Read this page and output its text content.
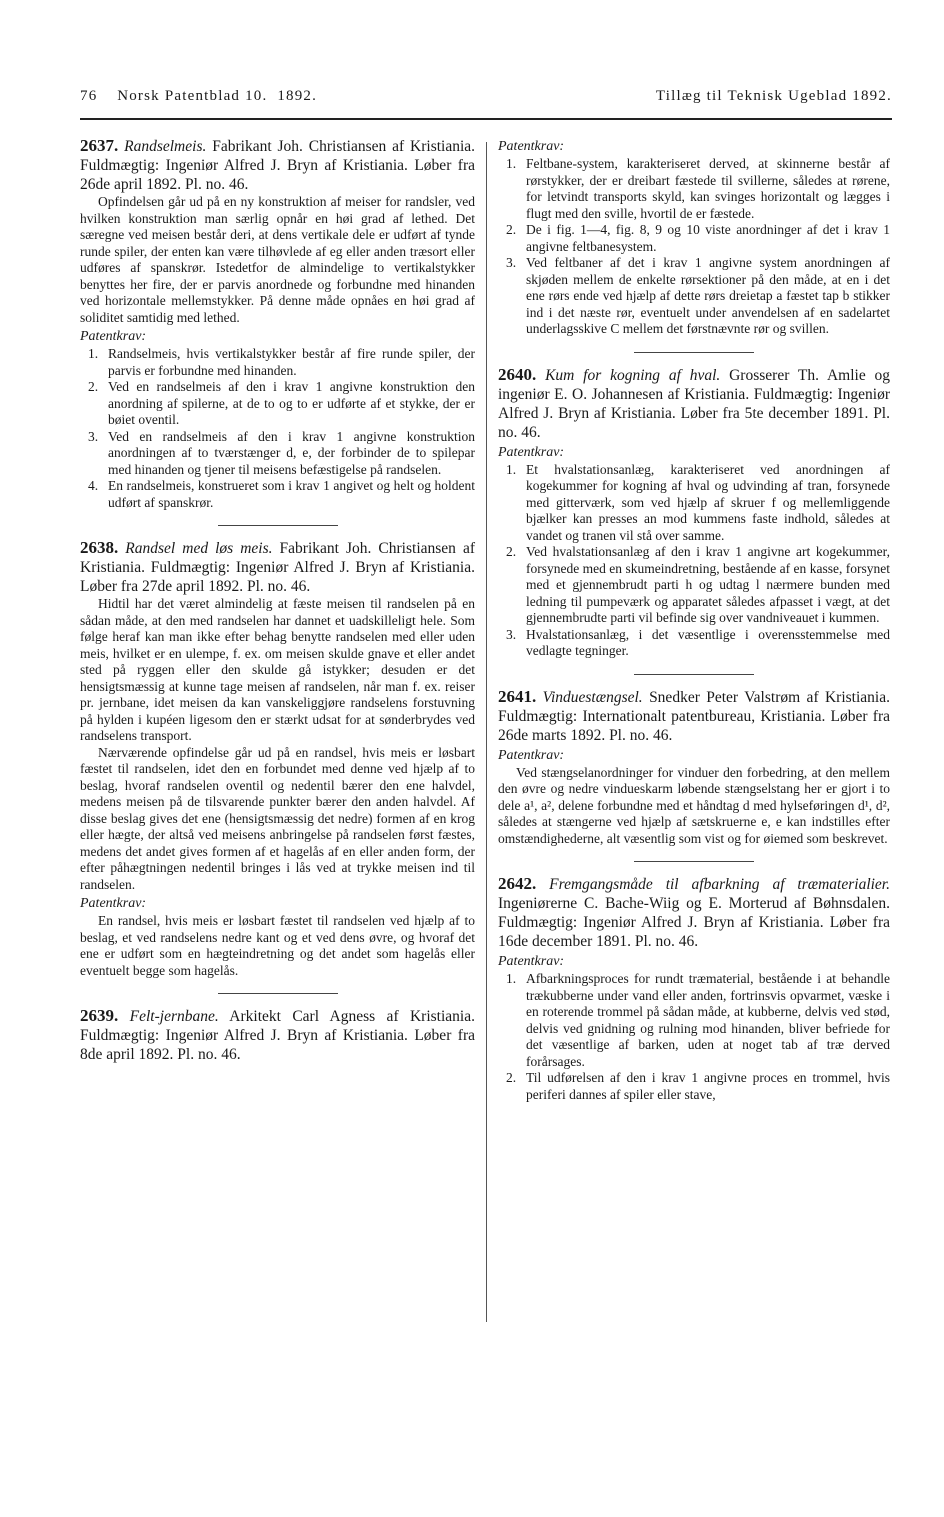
76    Norsk Patentblad 10.  1892.	Tillæg til Teknisk Ugeblad 1892.

2637. Randselmeis. Fabrikant Joh. Christiansen af Kristiania. Fuldmægtig: Ingeniør Alfred J. Bryn af Kristiania. Løber fra 26de april 1892. Pl. no. 46.

Opfindelsen går ud på en ny konstruktion af meiser for randsler, ved hvilken konstruktion man særlig opnår en høi grad af lethed. Det særegne ved meisen består deri, at dens vertikale dele er udført af tynde runde spiler, der enten kan være tilhøvlede af eg eller anden træsort eller udføres af spanskrør. Istedetfor de almindelige to vertikalstykker benyttes her fire, der er parvis anordnede og forbundne med hinanden ved horizontale mellemstykker. På denne måde opnåes en høi grad af soliditet samtidig med lethed.

Patentkrav:
1. Randselmeis, hvis vertikalstykker består af fire runde spiler, der parvis er forbundne med hinanden.
2. Ved en randselmeis af den i krav 1 angivne konstruktion den anordning af spilerne, at de to og to er udførte af et stykke, der er bøiet oventil.
3. Ved en randselmeis af den i krav 1 angivne konstruktion anordningen af to tværstænger d, e, der forbinder de to spilepar med hinanden og tjener til meisens befæstigelse på randselen.
4. En randselmeis, konstrueret som i krav 1 angivet og helt og holdent udført af spanskrør.

2638. Randsel med løs meis. Fabrikant Joh. Christiansen af Kristiania. Fuldmægtig: Ingeniør Alfred J. Bryn af Kristiania. Løber fra 27de april 1892. Pl. no. 46.

Hidtil har det været almindelig at fæste meisen til randselen på en sådan måde, at den med randselen har dannet et uadskilleligt hele. Som følge heraf kan man ikke efter behag benytte randselen med eller uden meis, hvilket er en ulempe, f. ex. om meisen skulde gnave et eller andet sted på ryggen eller den skulde gå istykker; desuden er det hensigtsmæssig at kunne tage meisen af randselen, når man f. ex. reiser pr. jernbane, idet meisen da kan vanskeliggjøre randselens forstuvning på hylden i kupéen ligesom den er stærkt udsat for at sønderbrydes ved randselens transport.

Nærværende opfindelse går ud på en randsel, hvis meis er løsbart fæstet til randselen, idet den en forbundet med denne ved hjælp af to beslag, hvoraf randselen oventil og nedentil bærer den ene halvdel, medens meisen på de tilsvarende punkter bærer den anden halvdel. Af disse beslag gives det ene (hensigtsmæssig det nedre) formen af en krog eller hægte, der altså ved meisens anbringelse på randselen først fæstes, medens det andet gives formen af et hagelås af en eller anden form, der efter påhægtningen nedentil bringes i lås ved at trykke meisen ind til randselen.

Patentkrav:

En randsel, hvis meis er løsbart fæstet til randselen ved hjælp af to beslag, et ved randselens nedre kant og et ved dens øvre, og hvoraf det ene er udført som en hægteindretning og det andet som hagelås eller eventuelt begge som hagelås.

2639. Felt-jernbane. Arkitekt Carl Agness af Kristiania. Fuldmægtig: Ingeniør Alfred J. Bryn af Kristiania. Løber fra 8de april 1892. Pl. no. 46.

Patentkrav:
1. Feltbane-system, karakteriseret derved, at skinnerne består af rørstykker, der er dreibart fæstede til svillerne, således at rørene, for letvindt transports skyld, kan svinges horizontalt og lægges i flugt med den sville, hvortil de er fæstede.
2. De i fig. 1—4, fig. 8, 9 og 10 viste anordninger af det i krav 1 angivne feltbanesystem.
3. Ved feltbaner af det i krav 1 angivne system anordningen af skjøden mellem de enkelte rørsektioner på den måde, at en i det ene rørs ende ved hjælp af dette rørs dreietap a fæstet tap b stikker ind i det næste rør, eventuelt under anvendelsen af en sadelartet underlagsskive C mellem det førstnævnte rør og svillen.

2640. Kum for kogning af hval. Grosserer Th. Amlie og ingeniør E. O. Johannesen af Kristiania. Fuldmægtig: Ingeniør Alfred J. Bryn af Kristiania. Løber fra 5te december 1891. Pl. no. 46.

Patentkrav:
1. Et hvalstationsanlæg, karakteriseret ved anordningen af kogekummer for kogning af hval og udvinding af tran, forsynede med gitterværk, som ved hjælp af skruer f og mellemliggende bjælker kan presses an mod kummens faste indhold, således at vandet og tranen vil stå over samme.
2. Ved hvalstationsanlæg af den i krav 1 angivne art kogekummer, forsynede med en skumeindretning, bestående af en kasse, forsynet med et gjennembrudt parti h og udtag l nærmere bunden med ledning til pumpeværk og apparatet således afpasset i vægt, at det gjennembrudte parti vil befinde sig over vandniveauet i kummen.
3. Hvalstationsanlæg, i det væsentlige i overensstemmelse med vedlagte tegninger.

2641. Vinduestængsel. Snedker Peter Valstrøm af Kristiania. Fuldmægtig: Internationalt patentbureau, Kristiania. Løber fra 26de marts 1892. Pl. no. 46.

Patentkrav:

Ved stængselanordninger for vinduer den forbedring, at den mellem den øvre og nedre vindueskarm løbende stængselstang her er gjort i to dele a¹, a², delene forbundne med et håndtag d med hylseføringen d¹, d², således at stængerne ved hjælp af sætskruerne e, e kan indstilles efter omstændighederne, alt væsentlig som vist og for øiemed som beskrevet.

2642. Fremgangsmåde til afbarkning af træmaterialier. Ingeniørerne C. Bache-Wiig og E. Morterud af Bøhnsdalen. Fuldmægtig: Ingeniør Alfred J. Bryn af Kristiania. Løber fra 16de december 1891. Pl. no. 46.

Patentkrav:
1. Afbarkningsproces for rundt træmaterial, bestående i at behandle trækubberne under vand eller anden, fortrinsvis opvarmet, væske i en roterende trommel på sådan måde, at kubberne, delvis ved stød, delvis ved gnidning og rulning mod hinanden, bliver befriede for det væsentlige af barken, uden at noget tab af træ derved forårsages.
2. Til udførelsen af den i krav 1 angivne proces en trommel, hvis periferi dannes af spiler eller stave,
